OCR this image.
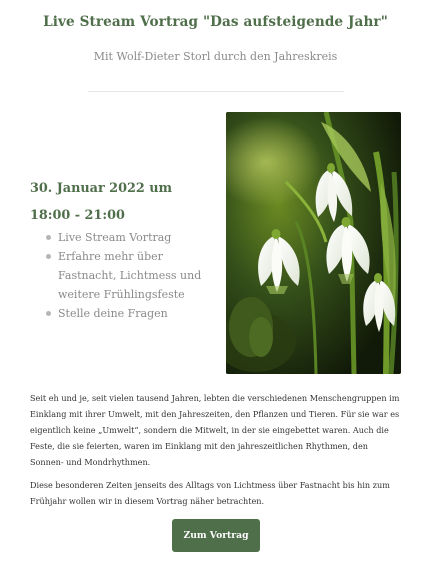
Live Stream Vortrag "Das aufsteigende Jahr"
Mit Wolf-Dieter Storl durch den Jahreskreis
30. Januar 2022 um 18:00 - 21:00
Live Stream Vortrag
Erfahre mehr über Fastnacht, Lichtmess und weitere Frühlingsfeste
Stelle deine Fragen

Seit eh und je, seit vielen tausend Jahren, lebten die verschiedenen Menschengruppen im Einklang mit ihrer Umwelt, mit den Jahreszeiten, den Pflanzen und Tieren. Für sie war es eigentlich keine „Umwelt“, sondern die Mitwelt, in der sie eingebettet waren. Auch die Feste, die sie feierten, waren im Einklang mit den jahreszeitlichen Rhythmen, den Sonnen- und Mondrhythmen.

Diese besonderen Zeiten jenseits des Alltags von Lichtmess über Fastnacht bis hin zum Frühjahr wollen wir in diesem Vortrag näher betrachten.

Zum Vortrag
